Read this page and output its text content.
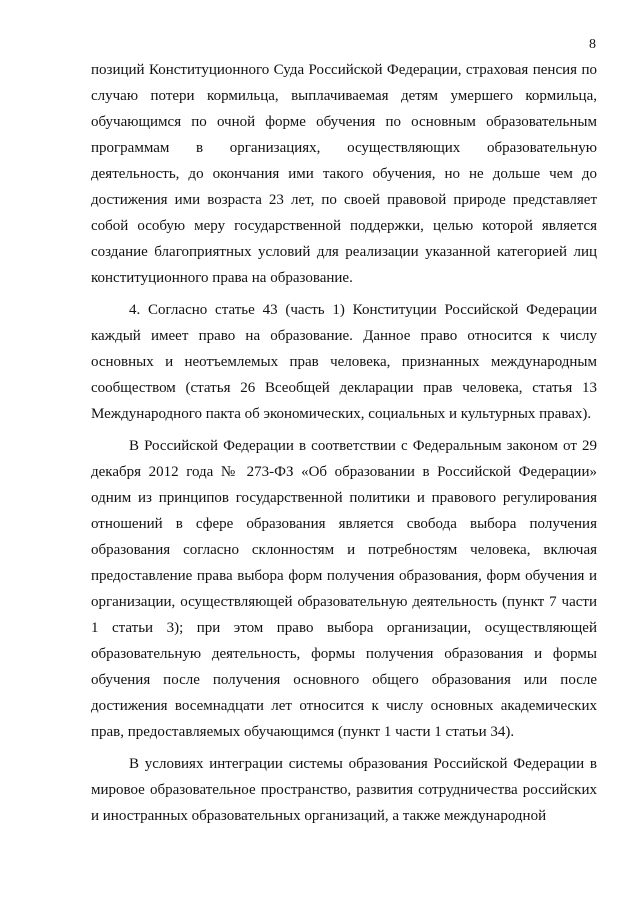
8

позиций Конституционного Суда Российской Федерации, страховая пенсия по случаю потери кормильца, выплачиваемая детям умершего кормильца, обучающимся по очной форме обучения по основным образовательным программам в организациях, осуществляющих образовательную деятельность, до окончания ими такого обучения, но не дольше чем до достижения ими возраста 23 лет, по своей правовой природе представляет собой особую меру государственной поддержки, целью которой является создание благоприятных условий для реализации указанной категорией лиц конституционного права на образование.

4. Согласно статье 43 (часть 1) Конституции Российской Федерации каждый имеет право на образование. Данное право относится к числу основных и неотъемлемых прав человека, признанных международным сообществом (статья 26 Всеобщей декларации прав человека, статья 13 Международного пакта об экономических, социальных и культурных правах).

В Российской Федерации в соответствии с Федеральным законом от 29 декабря 2012 года № 273-ФЗ «Об образовании в Российской Федерации» одним из принципов государственной политики и правового регулирования отношений в сфере образования является свобода выбора получения образования согласно склонностям и потребностям человека, включая предоставление права выбора форм получения образования, форм обучения и организации, осуществляющей образовательную деятельность (пункт 7 части 1 статьи 3); при этом право выбора организации, осуществляющей образовательную деятельность, формы получения образования и формы обучения после получения основного общего образования или после достижения восемнадцати лет относится к числу основных академических прав, предоставляемых обучающимся (пункт 1 части 1 статьи 34).

В условиях интеграции системы образования Российской Федерации в мировое образовательное пространство, развития сотрудничества российских и иностранных образовательных организаций, а также международной
